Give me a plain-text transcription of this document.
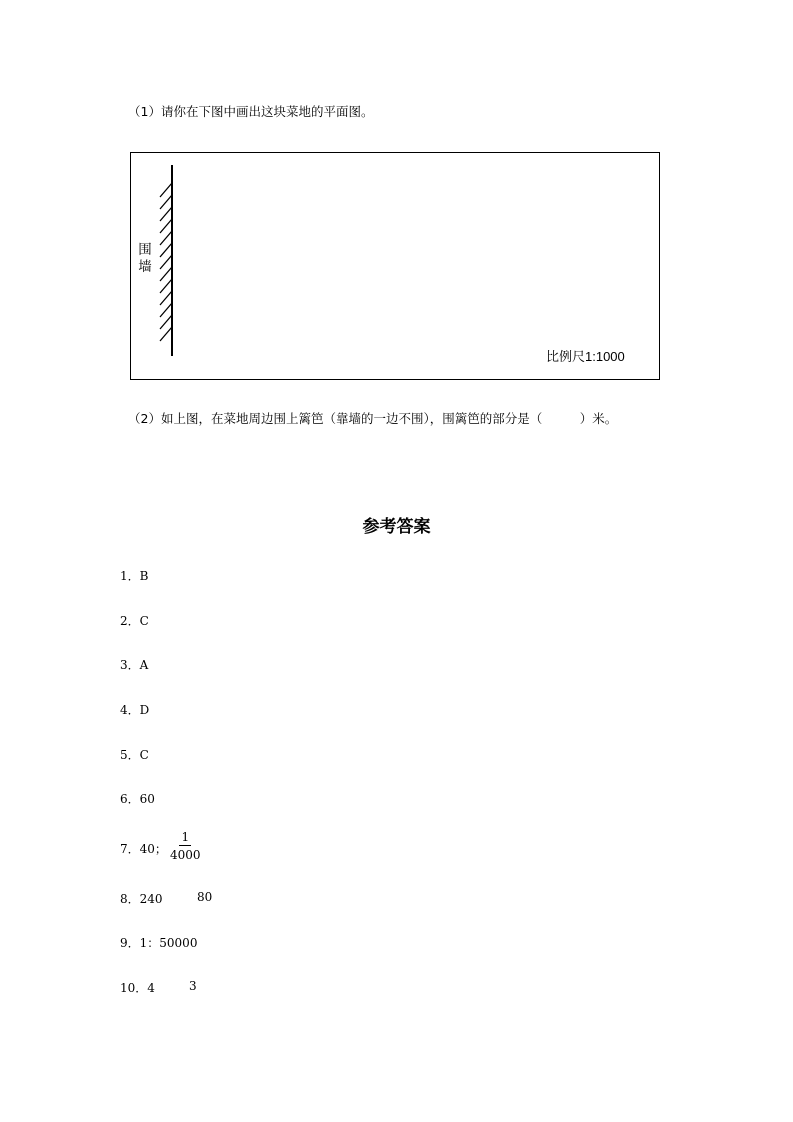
（1）请你在下图中画出这块菜地的平面图。
围墙
比例尺1:1000
（2）如上图，在菜地周边围上篱笆（靠墙的一边不围），围篱笆的部分是（　　　）米。
参考答案
1．B
2．C
3．A
4．D
5．C
6．60
7．40； $\frac{1}{4000}$
8．240	80
9．1：50000
10．4	3
